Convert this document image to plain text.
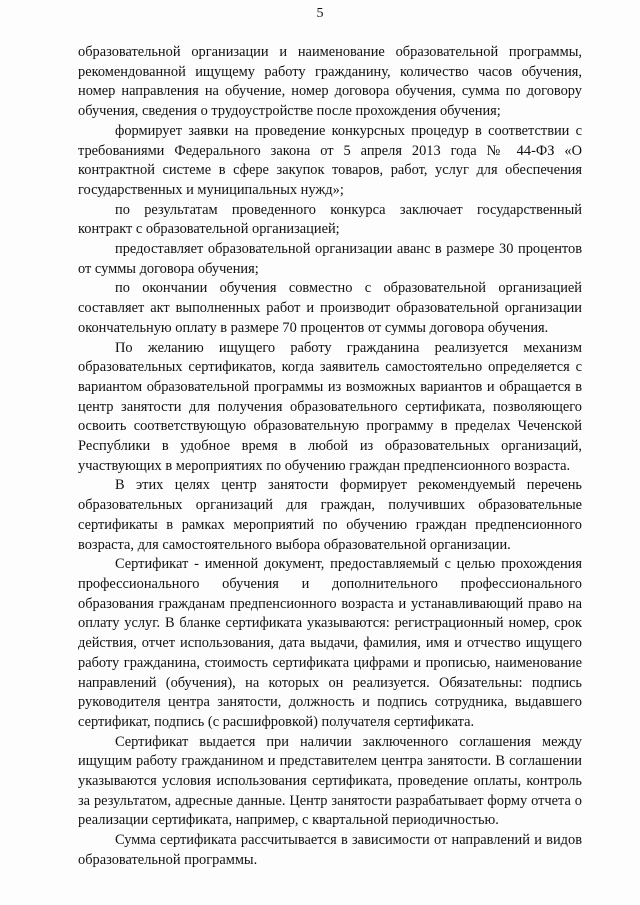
5

образовательной организации и наименование образовательной программы, рекомендованной ищущему работу гражданину, количество часов обучения, номер направления на обучение, номер договора обучения, сумма по договору обучения, сведения о трудоустройстве после прохождения обучения;

формирует заявки на проведение конкурсных процедур в соответствии с требованиями Федерального закона от 5 апреля 2013 года № 44-ФЗ «О контрактной системе в сфере закупок товаров, работ, услуг для обеспечения государственных и муниципальных нужд»;

по результатам проведенного конкурса заключает государственный контракт с образовательной организацией;

предоставляет образовательной организации аванс в размере 30 процентов от суммы договора обучения;

по окончании обучения совместно с образовательной организацией составляет акт выполненных работ и производит образовательной организации окончательную оплату в размере 70 процентов от суммы договора обучения.

По желанию ищущего работу гражданина реализуется механизм образовательных сертификатов, когда заявитель самостоятельно определяется с вариантом образовательной программы из возможных вариантов и обращается в центр занятости для получения образовательного сертификата, позволяющего освоить соответствующую образовательную программу в пределах Чеченской Республики в удобное время в любой из образовательных организаций, участвующих в мероприятиях по обучению граждан предпенсионного возраста.

В этих целях центр занятости формирует рекомендуемый перечень образовательных организаций для граждан, получивших образовательные сертификаты в рамках мероприятий по обучению граждан предпенсионного возраста, для самостоятельного выбора образовательной организации.

Сертификат - именной документ, предоставляемый с целью прохождения профессионального обучения и дополнительного профессионального образования гражданам предпенсионного возраста и устанавливающий право на оплату услуг. В бланке сертификата указываются: регистрационный номер, срок действия, отчет использования, дата выдачи, фамилия, имя и отчество ищущего работу гражданина, стоимость сертификата цифрами и прописью, наименование направлений (обучения), на которых он реализуется. Обязательны: подпись руководителя центра занятости, должность и подпись сотрудника, выдавшего сертификат, подпись (с расшифровкой) получателя сертификата.

Сертификат выдается при наличии заключенного соглашения между ищущим работу гражданином и представителем центра занятости. В соглашении указываются условия использования сертификата, проведение оплаты, контроль за результатом, адресные данные. Центр занятости разрабатывает форму отчета о реализации сертификата, например, с квартальной периодичностью.

Сумма сертификата рассчитывается в зависимости от направлений и видов образовательной программы.
